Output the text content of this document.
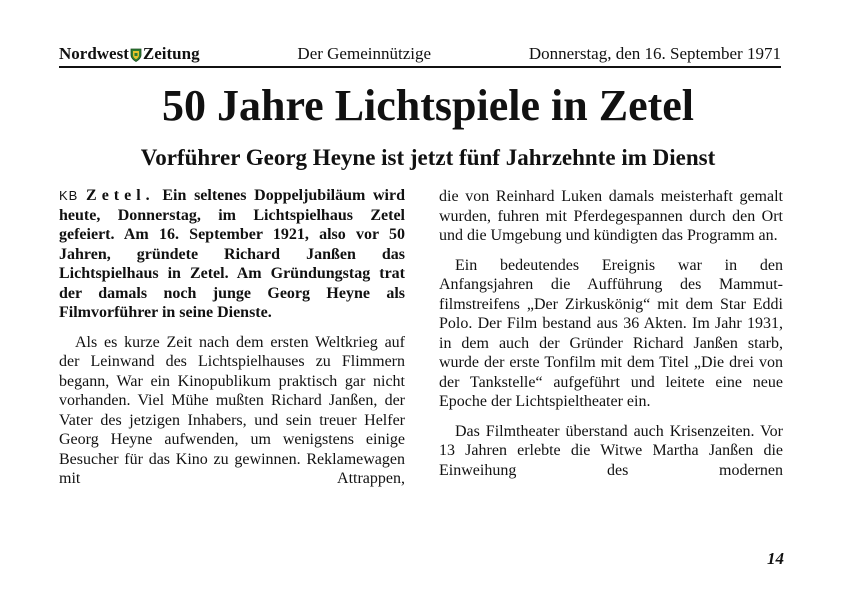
Nordwest Zeitung	Der Gemeinnützige	Donnerstag, den 16. September 1971
50 Jahre Lichtspiele in Zetel
Vorführer Georg Heyne ist jetzt fünf Jahrzehnte im Dienst

KB Zetel. Ein seltenes Doppeljubiläum wird heute, Donnerstag, im Lichtspielhaus Zetel gefeiert. Am 16. September 1921, also vor 50 Jahren, gründete Richard Janßen das Lichtspielhaus in Zetel. Am Gründungstag trat der damals noch junge Georg Heyne als Filmvorführer in seine Dienste.

Als es kurze Zeit nach dem ersten Weltkrieg auf der Leinwand des Lichtspielhauses zu Flimmern begann, War ein Kinopublikum praktisch gar nicht vorhanden. Viel Mühe mußten Richard Janßen, der Vater des jetzigen Inhabers, und sein treuer Helfer Georg Heyne aufwenden, um wenigstens einige Besucher für das Kino zu gewinnen. Reklamewagen mit Attrappen,

die von Reinhard Luken damals meisterhaft gemalt wurden, fuhren mit Pferdegespannen durch den Ort und die Umgebung und kündigten das Programm an.

Ein bedeutendes Ereignis war in den Anfangsjahren die Aufführung des Mammutfilmstreifens „Der Zirkuskönig“ mit dem Star Eddi Polo. Der Film bestand aus 36 Akten. Im Jahr 1931, in dem auch der Gründer Richard Janßen starb, wurde der erste Tonfilm mit dem Titel „Die drei von der Tankstelle“ aufgeführt und leitete eine neue Epoche der Lichtspieltheater ein.

Das Filmtheater überstand auch Krisenzeiten. Vor 13 Jahren erlebte die Witwe Martha Janßen die Einweihung des modernen

14
